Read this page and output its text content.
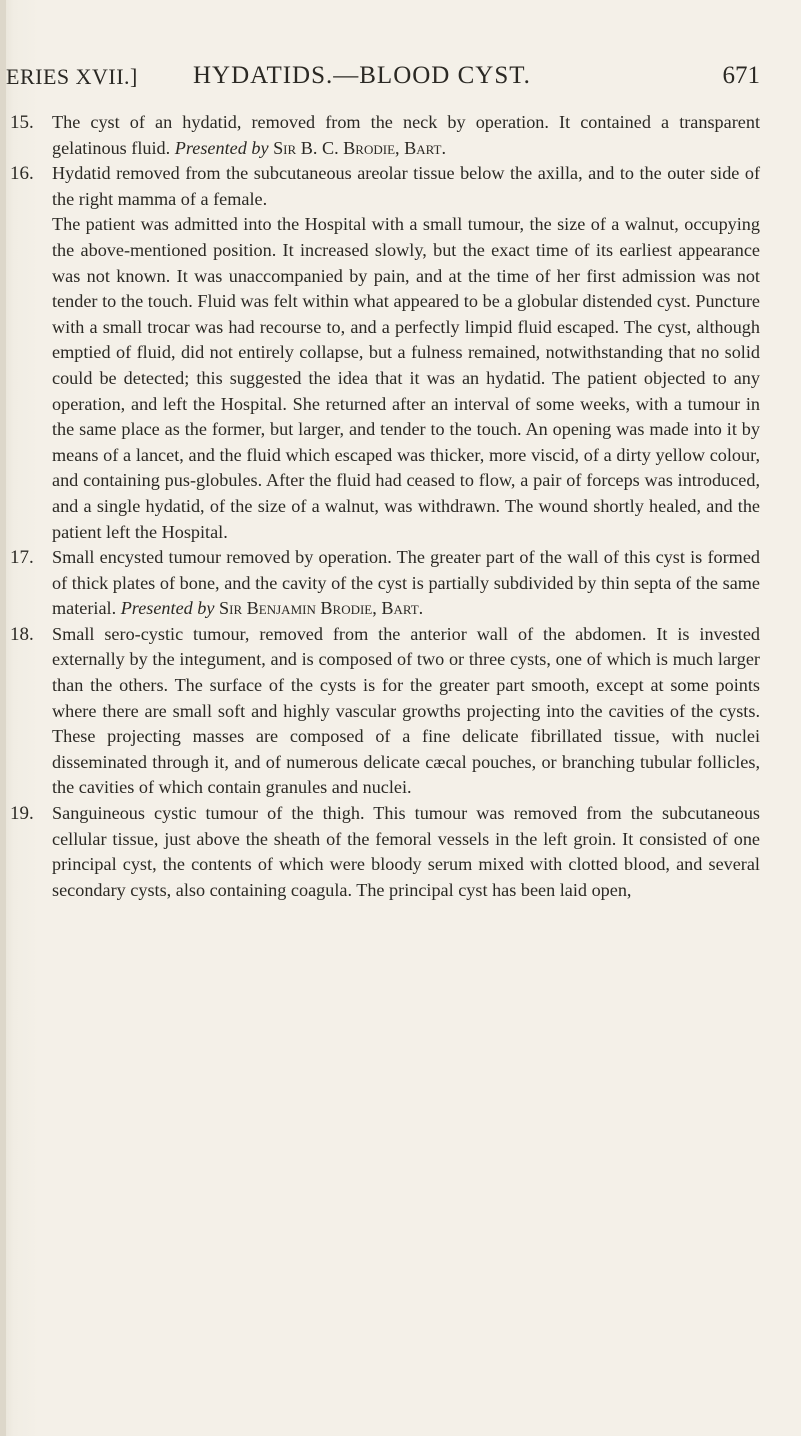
ERIES XVII.] HYDATIDS.—BLOOD CYST.	671
15. The cyst of an hydatid, removed from the neck by operation. It contained a transparent gelatinous fluid. Presented by Sir B. C. Brodie, Bart.

16. Hydatid removed from the subcutaneous areolar tissue below the axilla, and to the outer side of the right mamma of a female.

The patient was admitted into the Hospital with a small tumour, the size of a walnut, occupying the above-mentioned position. It increased slowly, but the exact time of its earliest appearance was not known. It was unaccompanied by pain, and at the time of her first admission was not tender to the touch. Fluid was felt within what appeared to be a globular distended cyst. Puncture with a small trocar was had recourse to, and a perfectly limpid fluid escaped. The cyst, although emptied of fluid, did not entirely collapse, but a fulness remained, notwithstanding that no solid could be detected; this suggested the idea that it was an hydatid. The patient objected to any operation, and left the Hospital. She returned after an interval of some weeks, with a tumour in the same place as the former, but larger, and tender to the touch. An opening was made into it by means of a lancet, and the fluid which escaped was thicker, more viscid, of a dirty yellow colour, and containing pus-globules. After the fluid had ceased to flow, a pair of forceps was introduced, and a single hydatid, of the size of a walnut, was withdrawn. The wound shortly healed, and the patient left the Hospital.

17. Small encysted tumour removed by operation. The greater part of the wall of this cyst is formed of thick plates of bone, and the cavity of the cyst is partially subdivided by thin septa of the same material. Presented by Sir Benjamin Brodie, Bart.

18. Small sero-cystic tumour, removed from the anterior wall of the abdomen. It is invested externally by the integument, and is composed of two or three cysts, one of which is much larger than the others. The surface of the cysts is for the greater part smooth, except at some points where there are small soft and highly vascular growths projecting into the cavities of the cysts. These projecting masses are composed of a fine delicate fibrillated tissue, with nuclei disseminated through it, and of numerous delicate cæcal pouches, or branching tubular follicles, the cavities of which contain granules and nuclei.

19. Sanguineous cystic tumour of the thigh. This tumour was removed from the subcutaneous cellular tissue, just above the sheath of the femoral vessels in the left groin. It consisted of one principal cyst, the contents of which were bloody serum mixed with clotted blood, and several secondary cysts, also containing coagula. The principal cyst has been laid open,
